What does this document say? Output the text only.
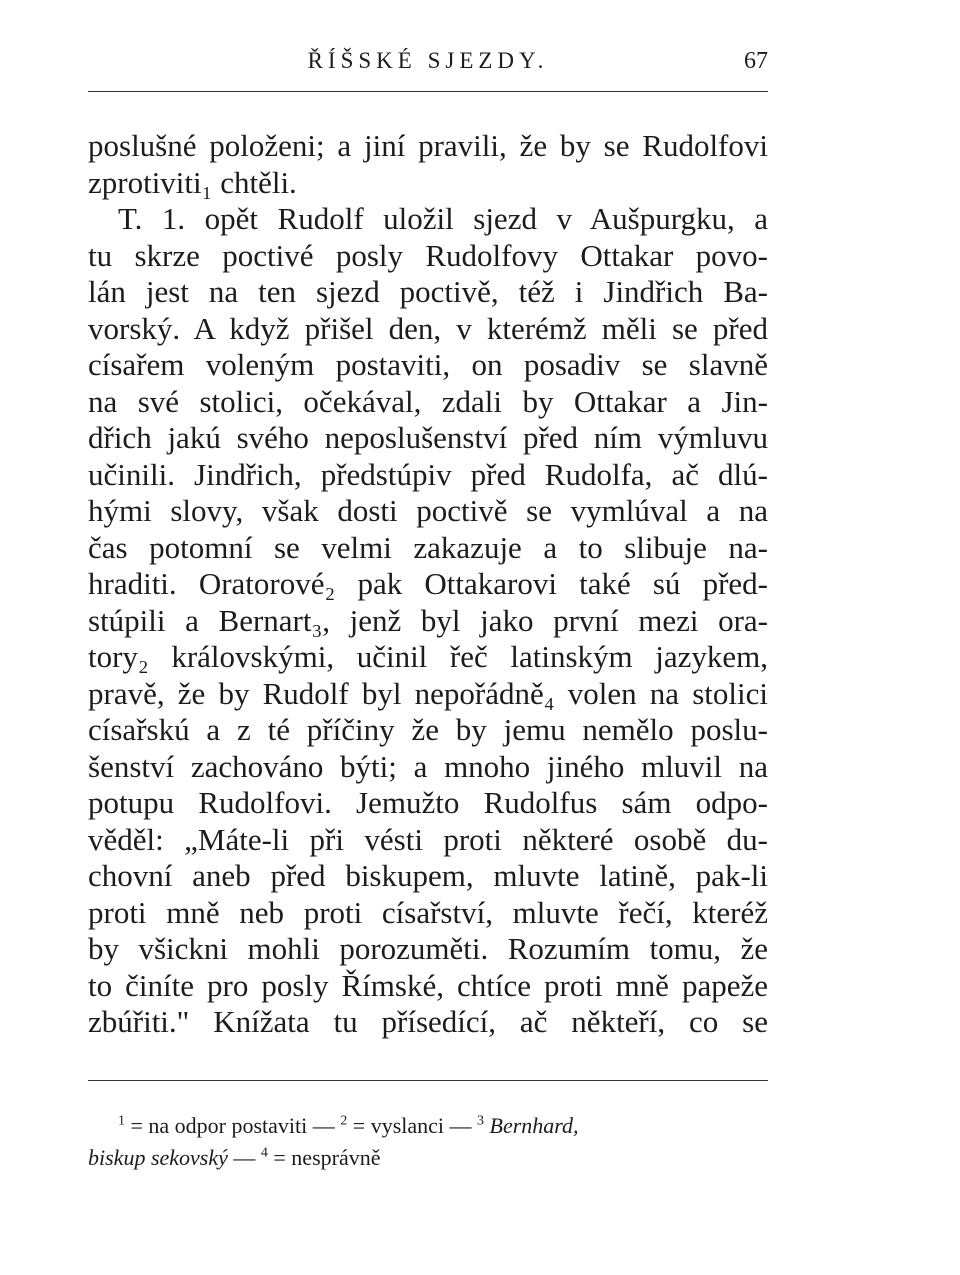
ŘÍŠSKÉ SJEZDY.	67
poslušné položeni; a jiní pravili, že by se Rudolfovi
zprotiviti₁ chtěli.
T. 1. opět Rudolf uložil sjezd v Aušpurgku, a
tu skrze poctivé posly Rudolfovy Ottakar povo-
lán jest na ten sjezd poctivě, též i Jindřich Ba-
vorský. A když přišel den, v kterémž měli se před
císařem voleným postaviti, on posadiv se slavně
na své stolici, očekával, zdali by Ottakar a Jin-
dřich jakú svého neposlušenství před ním výmluvu
učinili. Jindřich, předstúpiv před Rudolfa, ač dlú-
hými slovy, však dosti poctivě se vymlúval a na
čas potomní se velmi zakazuje a to slibuje na-
hraditi. Oratorové₂ pak Ottakarovi také sú před-
stúpili a Bernart₃, jenž byl jako první mezi ora-
tory₂ královskými, učinil řeč latinským jazykem,
pravě, že by Rudolf byl nepořádně₄ volen na stolici
císařskú a z té příčiny že by jemu nemělo poslu-
šenství zachováno býti; a mnoho jiného mluvil na
potupu Rudolfovi. Jemužto Rudolfus sám odpo-
věděl: „Máte-li při vésti proti některé osobě du-
chovní aneb před biskupem, mluvte latině, pak-li
proti mně neb proti císařství, mluvte řečí, kteréž
by všickni mohli porozuměti. Rozumím tomu, že
to činíte pro posly Římské, chtíce proti mně papeže
zbúřiti." Knížata tu přísedící, ač někteří, co se
$^1$ = na odpor postaviti — $^2$ = vyslanci — $^3$ Bernhard,
biskup sekovský — $^4$ = nesprávně
